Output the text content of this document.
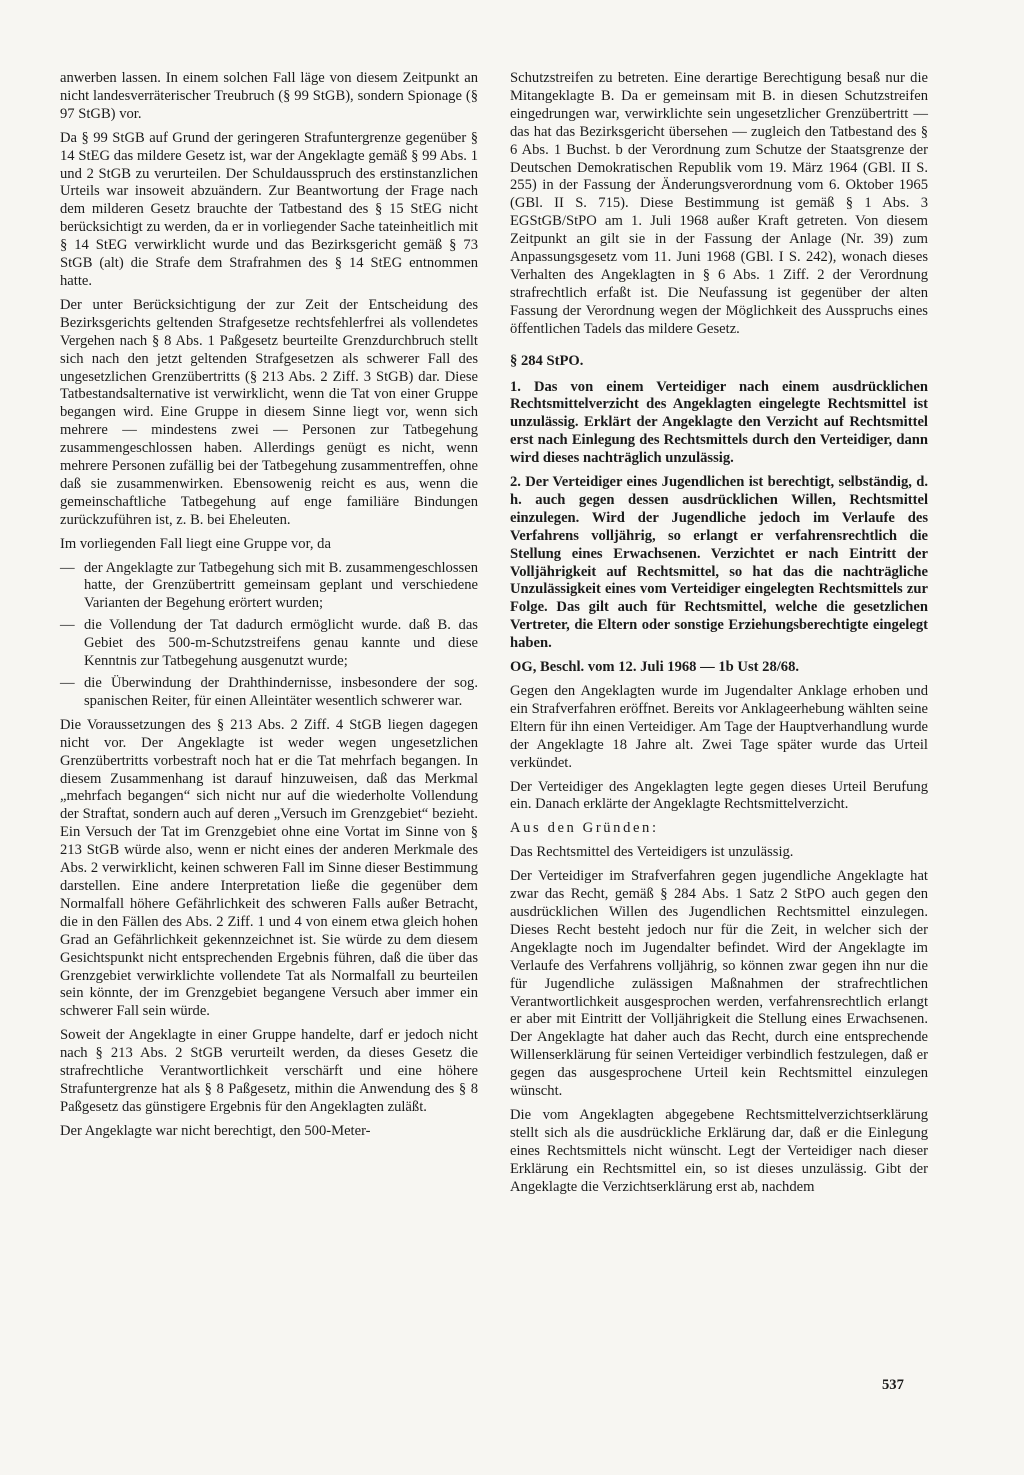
anwerben lassen. In einem solchen Fall läge von diesem Zeitpunkt an nicht landesverräterischer Treubruch (§ 99 StGB), sondern Spionage (§ 97 StGB) vor.

Da § 99 StGB auf Grund der geringeren Strafuntergrenze gegenüber § 14 StEG das mildere Gesetz ist, war der Angeklagte gemäß § 99 Abs. 1 und 2 StGB zu verurteilen. Der Schuldausspruch des erstinstanzlichen Urteils war insoweit abzuändern. Zur Beantwortung der Frage nach dem milderen Gesetz brauchte der Tatbestand des § 15 StEG nicht berücksichtigt zu werden, da er in vorliegender Sache tateinheitlich mit § 14 StEG verwirklicht wurde und das Bezirksgericht gemäß § 73 StGB (alt) die Strafe dem Strafrahmen des § 14 StEG entnommen hatte.

Der unter Berücksichtigung der zur Zeit der Entscheidung des Bezirksgerichts geltenden Strafgesetze rechtsfehlerfrei als vollendetes Vergehen nach § 8 Abs. 1 Paßgesetz beurteilte Grenzdurchbruch stellt sich nach den jetzt geltenden Strafgesetzen als schwerer Fall des ungesetzlichen Grenzübertritts (§ 213 Abs. 2 Ziff. 3 StGB) dar. Diese Tatbestandsalternative ist verwirklicht, wenn die Tat von einer Gruppe begangen wird. Eine Gruppe in diesem Sinne liegt vor, wenn sich mehrere — mindestens zwei — Personen zur Tatbegehung zusammengeschlossen haben. Allerdings genügt es nicht, wenn mehrere Personen zufällig bei der Tatbegehung zusammentreffen, ohne daß sie zusammenwirken. Ebensowenig reicht es aus, wenn die gemeinschaftliche Tatbegehung auf enge familiäre Bindungen zurückzuführen ist, z. B. bei Eheleuten.

Im vorliegenden Fall liegt eine Gruppe vor, da

— der Angeklagte zur Tatbegehung sich mit B. zusammengeschlossen hatte, der Grenzübertritt gemeinsam geplant und verschiedene Varianten der Begehung erörtert wurden;
— die Vollendung der Tat dadurch ermöglicht wurde. daß B. das Gebiet des 500-m-Schutzstreifens genau kannte und diese Kenntnis zur Tatbegehung ausgenutzt wurde;
— die Überwindung der Drahthindernisse, insbesondere der sog. spanischen Reiter, für einen Alleintäter wesentlich schwerer war.

Die Voraussetzungen des § 213 Abs. 2 Ziff. 4 StGB liegen dagegen nicht vor. Der Angeklagte ist weder wegen ungesetzlichen Grenzübertritts vorbestraft noch hat er die Tat mehrfach begangen. In diesem Zusammenhang ist darauf hinzuweisen, daß das Merkmal „mehrfach begangen“ sich nicht nur auf die wiederholte Vollendung der Straftat, sondern auch auf deren „Versuch im Grenzgebiet“ bezieht. Ein Versuch der Tat im Grenzgebiet ohne eine Vortat im Sinne von § 213 StGB würde also, wenn er nicht eines der anderen Merkmale des Abs. 2 verwirklicht, keinen schweren Fall im Sinne dieser Bestimmung darstellen. Eine andere Interpretation ließe die gegenüber dem Normalfall höhere Gefährlichkeit des schweren Falls außer Betracht, die in den Fällen des Abs. 2 Ziff. 1 und 4 von einem etwa gleich hohen Grad an Gefährlichkeit gekennzeichnet ist. Sie würde zu dem diesem Gesichtspunkt nicht entsprechenden Ergebnis führen, daß die über das Grenzgebiet verwirklichte vollendete Tat als Normalfall zu beurteilen sein könnte, der im Grenzgebiet begangene Versuch aber immer ein schwerer Fall sein würde.

Soweit der Angeklagte in einer Gruppe handelte, darf er jedoch nicht nach § 213 Abs. 2 StGB verurteilt werden, da dieses Gesetz die strafrechtliche Verantwortlichkeit verschärft und eine höhere Strafuntergrenze hat als § 8 Paßgesetz, mithin die Anwendung des § 8 Paßgesetz das günstigere Ergebnis für den Angeklagten zuläßt.

Der Angeklagte war nicht berechtigt, den 500-Meter-

Schutzstreifen zu betreten. Eine derartige Berechtigung besaß nur die Mitangeklagte B. Da er gemeinsam mit B. in diesen Schutzstreifen eingedrungen war, verwirklichte sein ungesetzlicher Grenzübertritt — das hat das Bezirksgericht übersehen — zugleich den Tatbestand des § 6 Abs. 1 Buchst. b der Verordnung zum Schutze der Staatsgrenze der Deutschen Demokratischen Republik vom 19. März 1964 (GBl. II S. 255) in der Fassung der Änderungsverordnung vom 6. Oktober 1965 (GBl. II S. 715). Diese Bestimmung ist gemäß § 1 Abs. 3 EGStGB/StPO am 1. Juli 1968 außer Kraft getreten. Von diesem Zeitpunkt an gilt sie in der Fassung der Anlage (Nr. 39) zum Anpassungsgesetz vom 11. Juni 1968 (GBl. I S. 242), wonach dieses Verhalten des Angeklagten in § 6 Abs. 1 Ziff. 2 der Verordnung strafrechtlich erfaßt ist. Die Neufassung ist gegenüber der alten Fassung der Verordnung wegen der Möglichkeit des Ausspruchs eines öffentlichen Tadels das mildere Gesetz.

§ 284 StPO.

1. Das von einem Verteidiger nach einem ausdrücklichen Rechtsmittelverzicht des Angeklagten eingelegte Rechtsmittel ist unzulässig. Erklärt der Angeklagte den Verzicht auf Rechtsmittel erst nach Einlegung des Rechtsmittels durch den Verteidiger, dann wird dieses nachträglich unzulässig.

2. Der Verteidiger eines Jugendlichen ist berechtigt, selbständig, d. h. auch gegen dessen ausdrücklichen Willen, Rechtsmittel einzulegen. Wird der Jugendliche jedoch im Verlaufe des Verfahrens volljährig, so erlangt er verfahrensrechtlich die Stellung eines Erwachsenen. Verzichtet er nach Eintritt der Volljährigkeit auf Rechtsmittel, so hat das die nachträgliche Unzulässigkeit eines vom Verteidiger eingelegten Rechtsmittels zur Folge. Das gilt auch für Rechtsmittel, welche die gesetzlichen Vertreter, die Eltern oder sonstige Erziehungsberechtigte eingelegt haben.

OG, Beschl. vom 12. Juli 1968 — 1b Ust 28/68.

Gegen den Angeklagten wurde im Jugendalter Anklage erhoben und ein Strafverfahren eröffnet. Bereits vor Anklageerhebung wählten seine Eltern für ihn einen Verteidiger. Am Tage der Hauptverhandlung wurde der Angeklagte 18 Jahre alt. Zwei Tage später wurde das Urteil verkündet.

Der Verteidiger des Angeklagten legte gegen dieses Urteil Berufung ein. Danach erklärte der Angeklagte Rechtsmittelverzicht.

Aus den Gründen:

Das Rechtsmittel des Verteidigers ist unzulässig.

Der Verteidiger im Strafverfahren gegen jugendliche Angeklagte hat zwar das Recht, gemäß § 284 Abs. 1 Satz 2 StPO auch gegen den ausdrücklichen Willen des Jugendlichen Rechtsmittel einzulegen. Dieses Recht besteht jedoch nur für die Zeit, in welcher sich der Angeklagte noch im Jugendalter befindet. Wird der Angeklagte im Verlaufe des Verfahrens volljährig, so können zwar gegen ihn nur die für Jugendliche zulässigen Maßnahmen der strafrechtlichen Verantwortlichkeit ausgesprochen werden, verfahrensrechtlich erlangt er aber mit Eintritt der Volljährigkeit die Stellung eines Erwachsenen. Der Angeklagte hat daher auch das Recht, durch eine entsprechende Willenserklärung für seinen Verteidiger verbindlich festzulegen, daß er gegen das ausgesprochene Urteil kein Rechtsmittel einzulegen wünscht.

Die vom Angeklagten abgegebene Rechtsmittelverzichtserklärung stellt sich als die ausdrückliche Erklärung dar, daß er die Einlegung eines Rechtsmittels nicht wünscht. Legt der Verteidiger nach dieser Erklärung ein Rechtsmittel ein, so ist dieses unzulässig. Gibt der Angeklagte die Verzichtserklärung erst ab, nachdem

537
